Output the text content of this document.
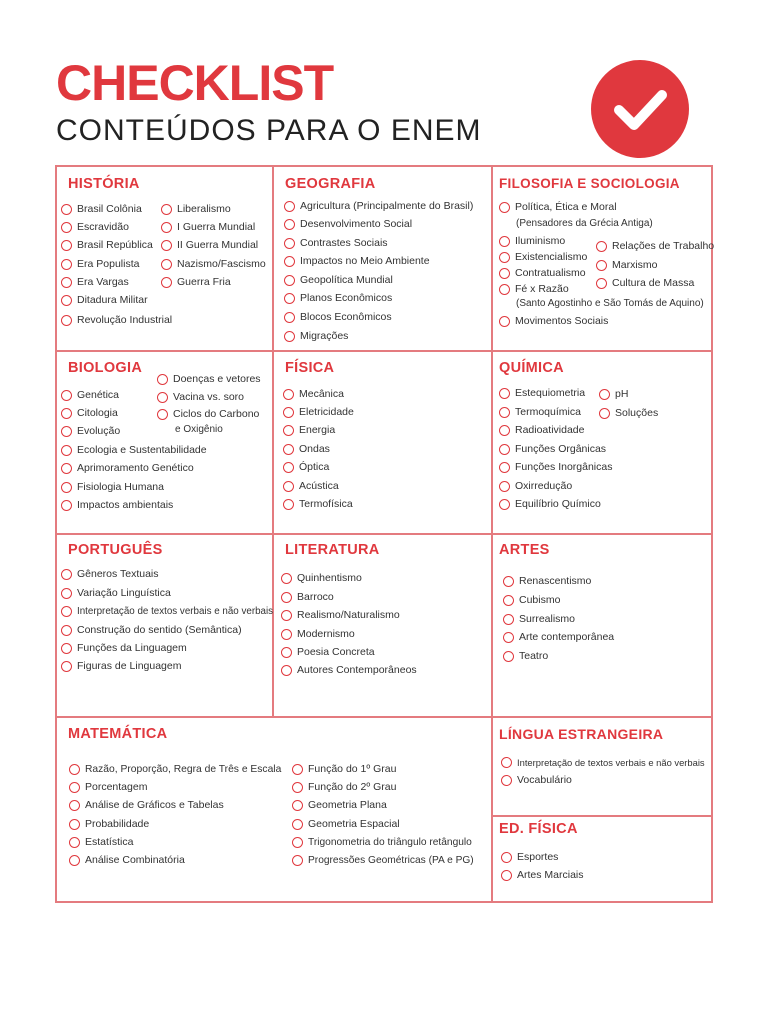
CHECKLIST
CONTEÚDOS PARA O ENEM
HISTÓRIA
Brasil Colônia
Escravidão
Brasil República
Era Populista
Era Vargas
Ditadura Militar
Revolução Industrial
Liberalismo
I Guerra Mundial
II Guerra Mundial
Nazismo/Fascismo
Guerra Fria
GEOGRAFIA
Agricultura (Principalmente do Brasil)
Desenvolvimento Social
Contrastes Sociais
Impactos no Meio Ambiente
Geopolítica Mundial
Planos Econômicos
Blocos Econômicos
Migrações
FILOSOFIA E SOCIOLOGIA
Política, Ética e Moral
(Pensadores da Grécia Antiga)
Iluminismo
Existencialismo
Contratualismo
Fé x Razão
Relações de Trabalho
Marxismo
Cultura de Massa
(Santo Agostinho e São Tomás de Aquino)
Movimentos Sociais
BIOLOGIA
Doenças e vetores
Vacina vs. soro
Ciclos do Carbono
e Oxigênio
Genética
Citologia
Evolução
Ecologia e Sustentabilidade
Aprimoramento Genético
Fisiologia Humana
Impactos ambientais
FÍSICA
Mecânica
Eletricidade
Energia
Ondas
Óptica
Acústica
Termofísica
QUÍMICA
Estequiometria
Termoquímica
Radioatividade
Funções Orgânicas
Funções Inorgânicas
Oxirredução
Equilíbrio Químico
pH
Soluções
PORTUGUÊS
Gêneros Textuais
Variação Linguística
Interpretação de textos verbais e não verbais
Construção do sentido (Semântica)
Funções da Linguagem
Figuras de Linguagem
LITERATURA
Quinhentismo
Barroco
Realismo/Naturalismo
Modernismo
Poesia Concreta
Autores Contemporâneos
ARTES
Renascentismo
Cubismo
Surrealismo
Arte contemporânea
Teatro
MATEMÁTICA
Razão, Proporção, Regra de Três e Escala
Porcentagem
Análise de Gráficos e Tabelas
Probabilidade
Estatística
Análise Combinatória
Função do 1º Grau
Função do 2º Grau
Geometria Plana
Geometria Espacial
Trigonometria do triângulo retângulo
Progressões Geométricas (PA e PG)
LÍNGUA ESTRANGEIRA
Interpretação de textos verbais e não verbais
Vocabulário
ED. FÍSICA
Esportes
Artes Marciais
